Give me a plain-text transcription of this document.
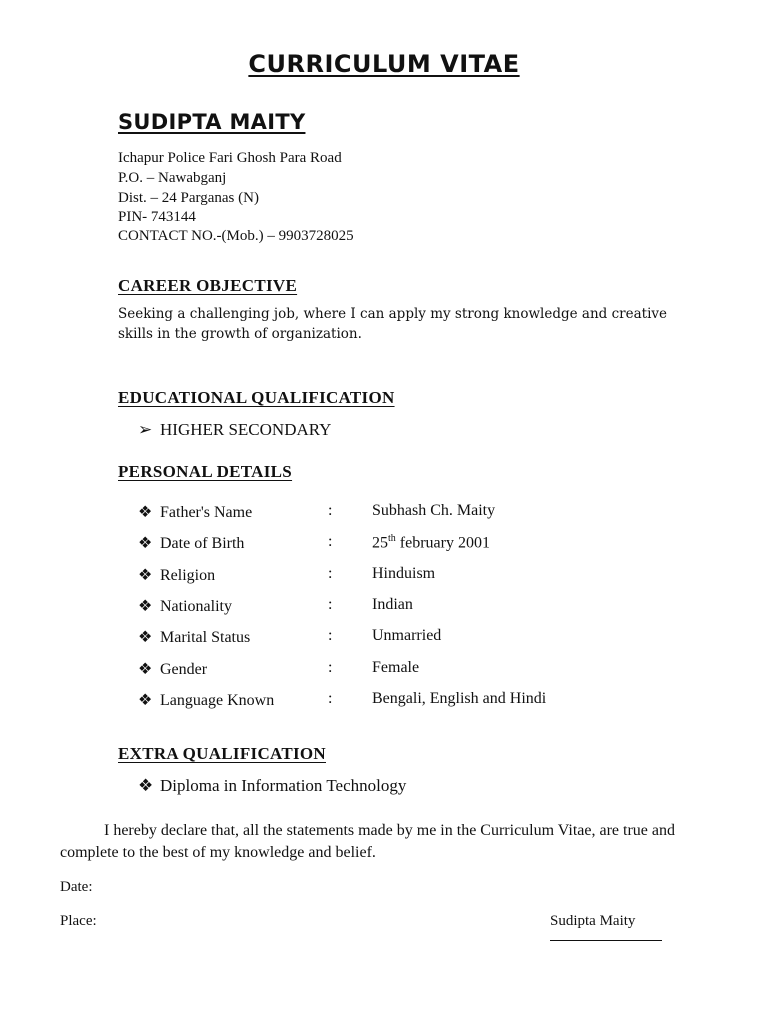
CURRICULUM VITAE
SUDIPTA MAITY
Ichapur Police Fari Ghosh Para Road
P.O. – Nawabganj
Dist. – 24 Parganas (N)
PIN- 743144
CONTACT NO.-(Mob.) – 9903728025
CAREER OBJECTIVE
Seeking a challenging job, where I can apply my strong knowledge and creative skills in the growth of organization.
EDUCATIONAL QUALIFICATION
➢ HIGHER SECONDARY
PERSONAL DETAILS
❖ Father's Name	: Subhash Ch. Maity
❖ Date of Birth	: 25th february 2001
❖ Religion	: Hinduism
❖ Nationality	: Indian
❖ Marital Status	: Unmarried
❖ Gender	: Female
❖ Language Known	: Bengali, English and Hindi
EXTRA QUALIFICATION
❖ Diploma in Information Technology
I hereby declare that, all the statements made by me in the Curriculum Vitae, are true and complete to the best of my knowledge and belief.
Date:
Place:	Sudipta Maity
